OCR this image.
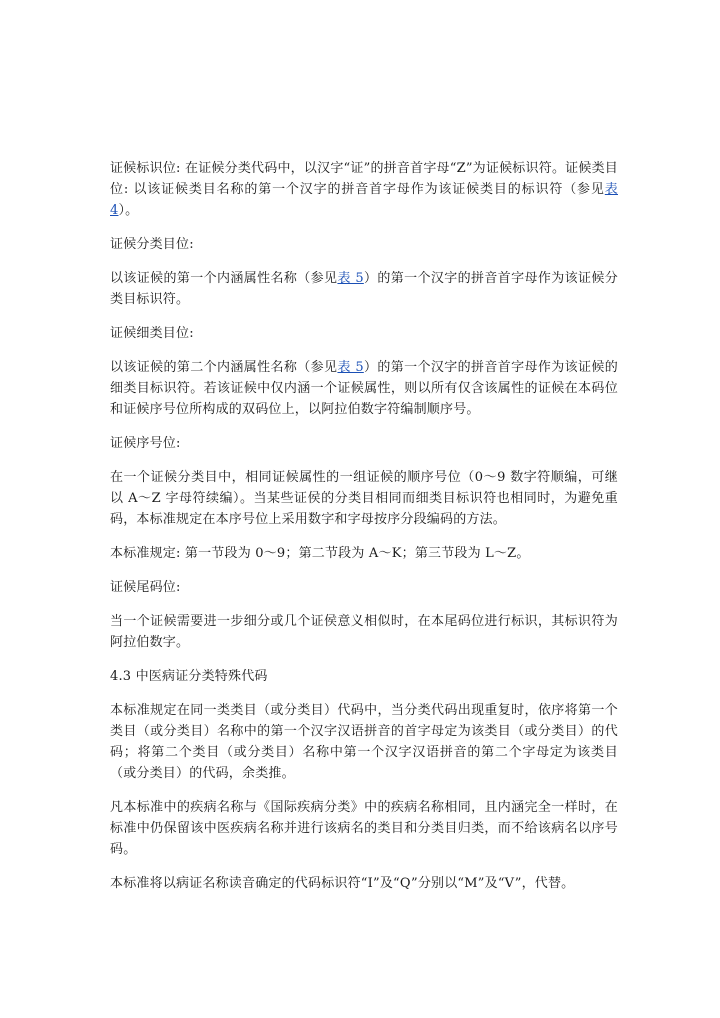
证候标识位: 在证候分类代码中，以汉字“证”的拼音首字母“Z”为证候标识符。证候类目位: 以该证候类目名称的第一个汉字的拼音首字母作为该证候类目的标识符（参见表 4）。

证候分类目位:

以该证候的第一个内涵属性名称（参见表 5）的第一个汉字的拼音首字母作为该证候分类目标识符。

证候细类目位:

以该证候的第二个内涵属性名称（参见表 5）的第一个汉字的拼音首字母作为该证候的细类目标识符。若该证候中仅内涵一个证候属性，则以所有仅含该属性的证候在本码位和证候序号位所构成的双码位上，以阿拉伯数字符编制顺序号。

证候序号位:

在一个证候分类目中，相同证候属性的一组证候的顺序号位（0～9 数字符顺编，可继以 A～Z 字母符续编）。当某些证侯的分类目相同而细类目标识符也相同时，为避免重码，本标准规定在本序号位上采用数字和字母按序分段编码的方法。

本标准规定: 第一节段为 0～9；第二节段为 A～K；第三节段为 L～Z。

证候尾码位:

当一个证候需要进一步细分或几个证侯意义相似时，在本尾码位进行标识，其标识符为阿拉伯数字。

4.3 中医病证分类特殊代码

本标准规定在同一类类目（或分类目）代码中，当分类代码出现重复时，依序将第一个类目（或分类目）名称中的第一个汉字汉语拼音的首字母定为该类目（或分类目）的代码；将第二个类目（或分类目）名称中第一个汉字汉语拼音的第二个字母定为该类目（或分类目）的代码，余类推。

凡本标准中的疾病名称与《国际疾病分类》中的疾病名称相同，且内涵完全一样时，在标准中仍保留该中医疾病名称并进行该病名的类目和分类目归类，而不给该病名以序号码。

本标准将以病证名称读音确定的代码标识符“I”及“Q”分别以“M”及“V”，代替。
